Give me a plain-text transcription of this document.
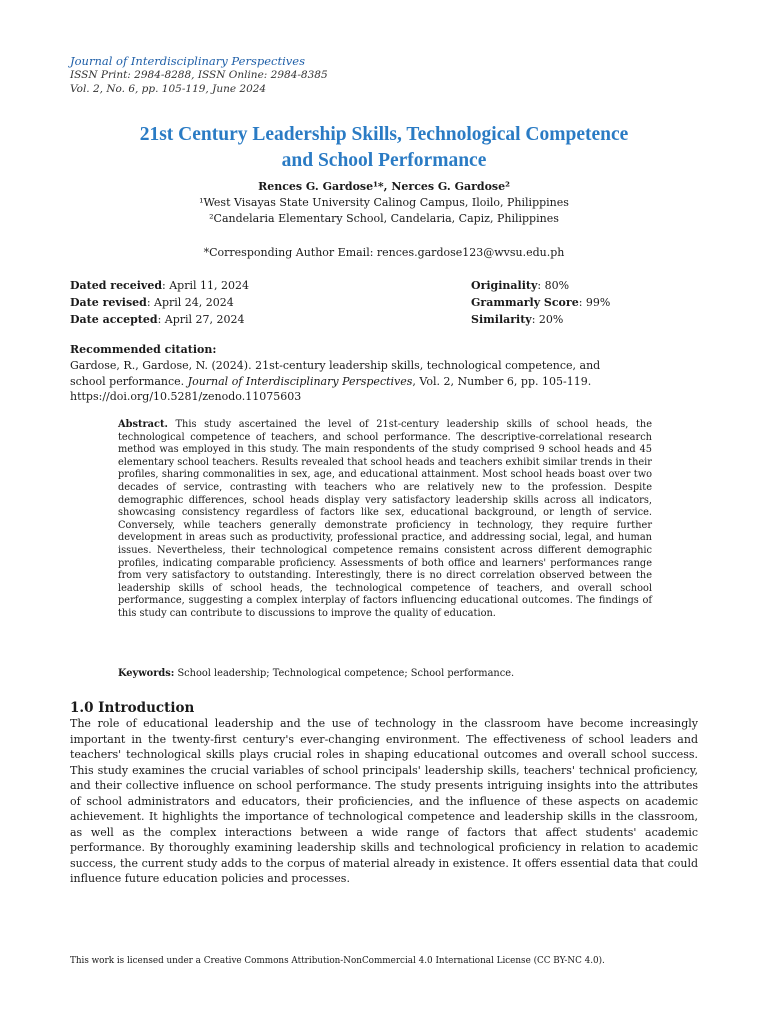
Journal of Interdisciplinary Perspectives
ISSN Print: 2984-8288, ISSN Online: 2984-8385
Vol. 2, No. 6, pp. 105-119, June 2024
21st Century Leadership Skills, Technological Competence
and School Performance
Rences G. Gardose¹*, Nerces G. Gardose²
¹West Visayas State University Calinog Campus, Iloilo, Philippines
²Candelaria Elementary School, Candelaria, Capiz, Philippines
*Corresponding Author Email: rences.gardose123@wvsu.edu.ph
Dated received: April 11, 2024
Date revised: April 24, 2024
Date accepted: April 27, 2024
Originality: 80%
Grammarly Score: 99%
Similarity: 20%
Recommended citation:
Gardose, R., Gardose, N. (2024). 21st-century leadership skills, technological competence, and school performance. Journal of Interdisciplinary Perspectives, Vol. 2, Number 6, pp. 105-119.
https://doi.org/10.5281/zenodo.11075603
Abstract. This study ascertained the level of 21st-century leadership skills of school heads, the technological competence of teachers, and school performance. The descriptive-correlational research method was employed in this study. The main respondents of the study comprised 9 school heads and 45 elementary school teachers. Results revealed that school heads and teachers exhibit similar trends in their profiles, sharing commonalities in sex, age, and educational attainment. Most school heads boast over two decades of service, contrasting with teachers who are relatively new to the profession. Despite demographic differences, school heads display very satisfactory leadership skills across all indicators, showcasing consistency regardless of factors like sex, educational background, or length of service. Conversely, while teachers generally demonstrate proficiency in technology, they require further development in areas such as productivity, professional practice, and addressing social, legal, and human issues. Nevertheless, their technological competence remains consistent across different demographic profiles, indicating comparable proficiency. Assessments of both office and learners' performances range from very satisfactory to outstanding. Interestingly, there is no direct correlation observed between the leadership skills of school heads, the technological competence of teachers, and overall school performance, suggesting a complex interplay of factors influencing educational outcomes. The findings of this study can contribute to discussions to improve the quality of education.
Keywords: School leadership; Technological competence; School performance.
1.0 Introduction
The role of educational leadership and the use of technology in the classroom have become increasingly important in the twenty-first century's ever-changing environment. The effectiveness of school leaders and teachers' technological skills plays crucial roles in shaping educational outcomes and overall school success. This study examines the crucial variables of school principals' leadership skills, teachers' technical proficiency, and their collective influence on school performance. The study presents intriguing insights into the attributes of school administrators and educators, their proficiencies, and the influence of these aspects on academic achievement. It highlights the importance of technological competence and leadership skills in the classroom, as well as the complex interactions between a wide range of factors that affect students' academic performance. By thoroughly examining leadership skills and technological proficiency in relation to academic success, the current study adds to the corpus of material already in existence. It offers essential data that could influence future education policies and processes.
This work is licensed under a Creative Commons Attribution-NonCommercial 4.0 International License (CC BY-NC 4.0).
